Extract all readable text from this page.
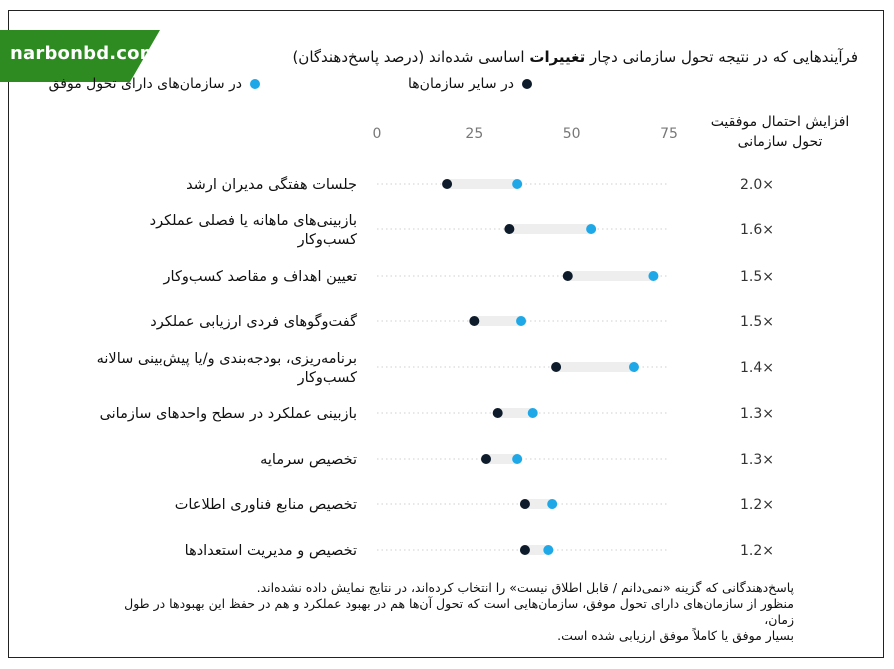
narbonbd.com	فرآیندهایی که در نتیجه تحول سازمانی دچار تغییرات اساسی شده‌اند (درصد پاسخ‌دهندگان)
در سازمان‌های دارای تحول موفق	در سایر سازمان‌ها
افزایش احتمال موفقیت
تحول سازمانی
0	25	50	75
جلسات هفتگی مدیران ارشد	2.0×
بازبینی‌های ماهانه یا فصلی عملکرد
کسب‌وکار
1.6×
تعیین اهداف و مقاصد کسب‌وکار	1.5×
گفت‌وگوهای فردی ارزیابی عملکرد	1.5×
برنامه‌ریزی، بودجه‌بندی و/یا پیش‌بینی سالانه
کسب‌وکار
1.4×
بازبینی عملکرد در سطح واحدهای سازمانی	1.3×
تخصیص سرمایه	1.3×
تخصیص منابع فناوری اطلاعات	1.2×
تخصیص و مدیریت استعدادها	1.2×

پاسخ‌دهندگانی که گزینه «نمی‌دانم / قابل اطلاق نیست» را انتخاب کرده‌اند، در نتایج نمایش داده نشده‌اند.

منظور از سازمان‌های دارای تحول موفق، سازمان‌هایی است که تحول آن‌ها هم در بهبود عملکرد و هم در حفظ این بهبودها در طول زمان،

بسیار موفق یا کاملاً موفق ارزیابی شده است.
